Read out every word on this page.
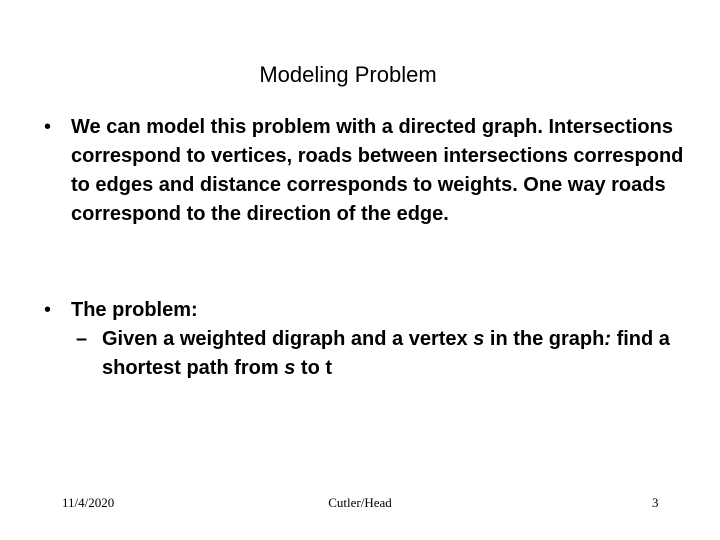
Modeling Problem
• We can model this problem with a directed graph. Intersections correspond to vertices, roads between intersections correspond to edges and distance corresponds to weights. One way roads correspond to the direction of the edge.
• The problem:
– Given a weighted digraph and a vertex s in the graph: find a shortest path from s to t
11/4/2020	Cutler/Head	3
